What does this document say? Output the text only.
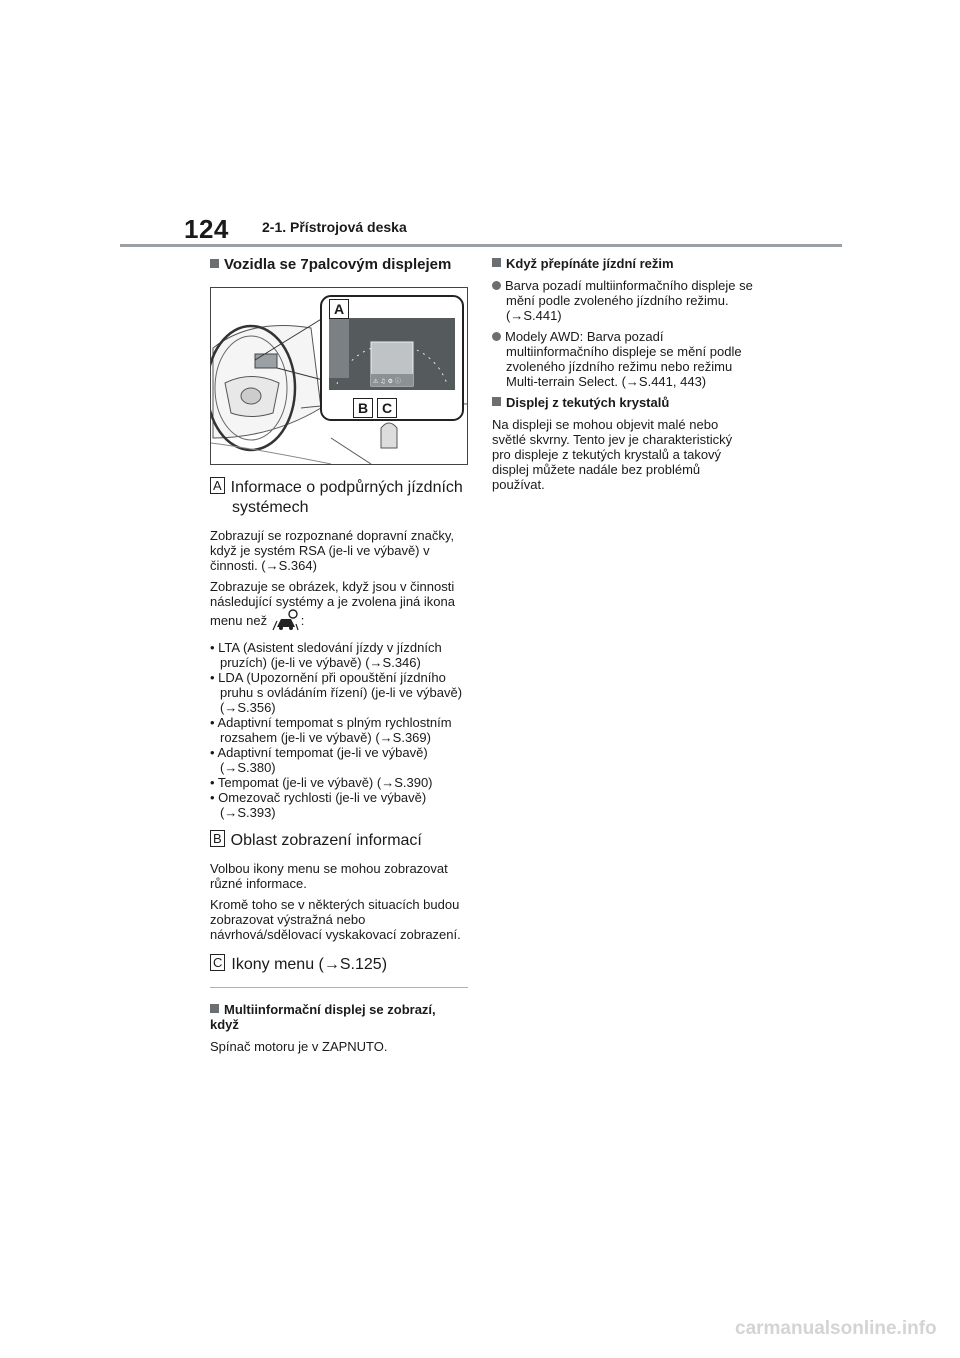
124 2-1. Přístrojová deska
Vozidla se 7palcovým displejem
⚠ ♫ ⚙ ⓘ
A
B C
A Informace o podpůrných jízdních
systémech

Zobrazují se rozpoznané dopravní značky, když je systém RSA (je-li ve výbavě) v činnosti. (→S.364)

Zobrazuje se obrázek, když jsou v činnosti následující systémy a je zvolena jiná ikona menu než	:

• LTA (Asistent sledování jízdy v jízdních pruzích) (je-li ve výbavě) (→S.346)

• LDA (Upozornění při opouštění jízdního pruhu s ovládáním řízení) (je-li ve výbavě) (→S.356)

• Adaptivní tempomat s plným rychlostním rozsahem (je-li ve výbavě) (→S.369)

• Adaptivní tempomat (je-li ve výbavě) (→S.380)

• Tempomat (je-li ve výbavě) (→S.390)

• Omezovač rychlosti (je-li ve výbavě) (→S.393)

B Oblast zobrazení informací

Volbou ikony menu se mohou zobrazovat různé informace.

Kromě toho se v některých situacích budou zobrazovat výstražná nebo návrhová/sdělovací vyskakovací zobrazení.

C Ikony menu (→S.125)
Multiinformační displej se zobrazí, když

Spínač motoru je v ZAPNUTO.

Když přepínáte jízdní režim

Barva pozadí multiinformačního displeje se mění podle zvoleného jízdního režimu. (→S.441)

Modely AWD: Barva pozadí multiinformačního displeje se mění podle zvoleného jízdního režimu nebo režimu Multi-terrain Select. (→S.441, 443)

Displej z tekutých krystalů

Na displeji se mohou objevit malé nebo světlé skvrny. Tento jev je charakteristický pro displeje z tekutých krystalů a takový displej můžete nadále bez problémů používat.

carmanualsonline.info
